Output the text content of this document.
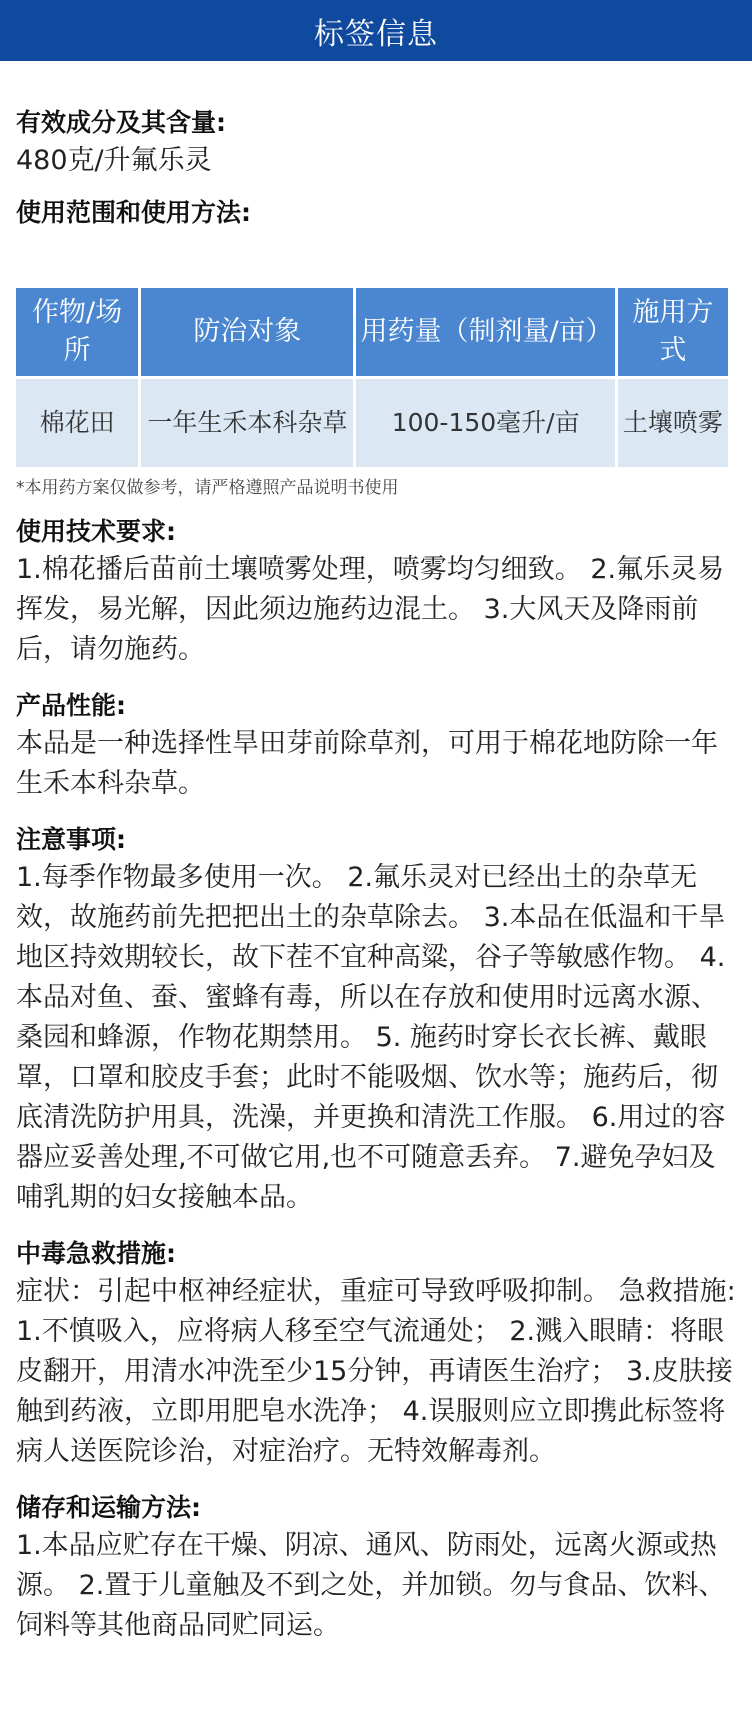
标签信息

有效成分及其含量:

480克/升氟乐灵

使用范围和使用方法:

作物/场所	防治对象	用药量（制剂量/亩）	施用方式
棉花田	一年生禾本科杂草	100-150毫升/亩	土壤喷雾
*本用药方案仅做参考，请严格遵照产品说明书使用

使用技术要求:

1.棉花播后苗前土壤喷雾处理，喷雾均匀细致。 2.氟乐灵易挥发，易光解，因此须边施药边混土。 3.大风天及降雨前后，请勿施药。

产品性能:

本品是一种选择性旱田芽前除草剂，可用于棉花地防除一年生禾本科杂草。

注意事项:

1.每季作物最多使用一次。 2.氟乐灵对已经出土的杂草无效，故施药前先把把出土的杂草除去。 3.本品在低温和干旱地区持效期较长，故下茬不宜种高粱，谷子等敏感作物。 4.本品对鱼、蚕、蜜蜂有毒，所以在存放和使用时远离水源、桑园和蜂源，作物花期禁用。 5. 施药时穿长衣长裤、戴眼罩，口罩和胶皮手套；此时不能吸烟、饮水等；施药后，彻底清洗防护用具，洗澡，并更换和清洗工作服。 6.用过的容器应妥善处理,不可做它用,也不可随意丢弃。 7.避免孕妇及哺乳期的妇女接触本品。

中毒急救措施:

症状：引起中枢神经症状，重症可导致呼吸抑制。 急救措施: 1.不慎吸入，应将病人移至空气流通处； 2.溅入眼睛：将眼皮翻开，用清水冲洗至少15分钟，再请医生治疗； 3.皮肤接触到药液，立即用肥皂水洗净； 4.误服则应立即携此标签将病人送医院诊治，对症治疗。无特效解毒剂。

储存和运输方法:

1.本品应贮存在干燥、阴凉、通风、防雨处，远离火源或热源。 2.置于儿童触及不到之处，并加锁。勿与食品、饮料、饲料等其他商品同贮同运。
